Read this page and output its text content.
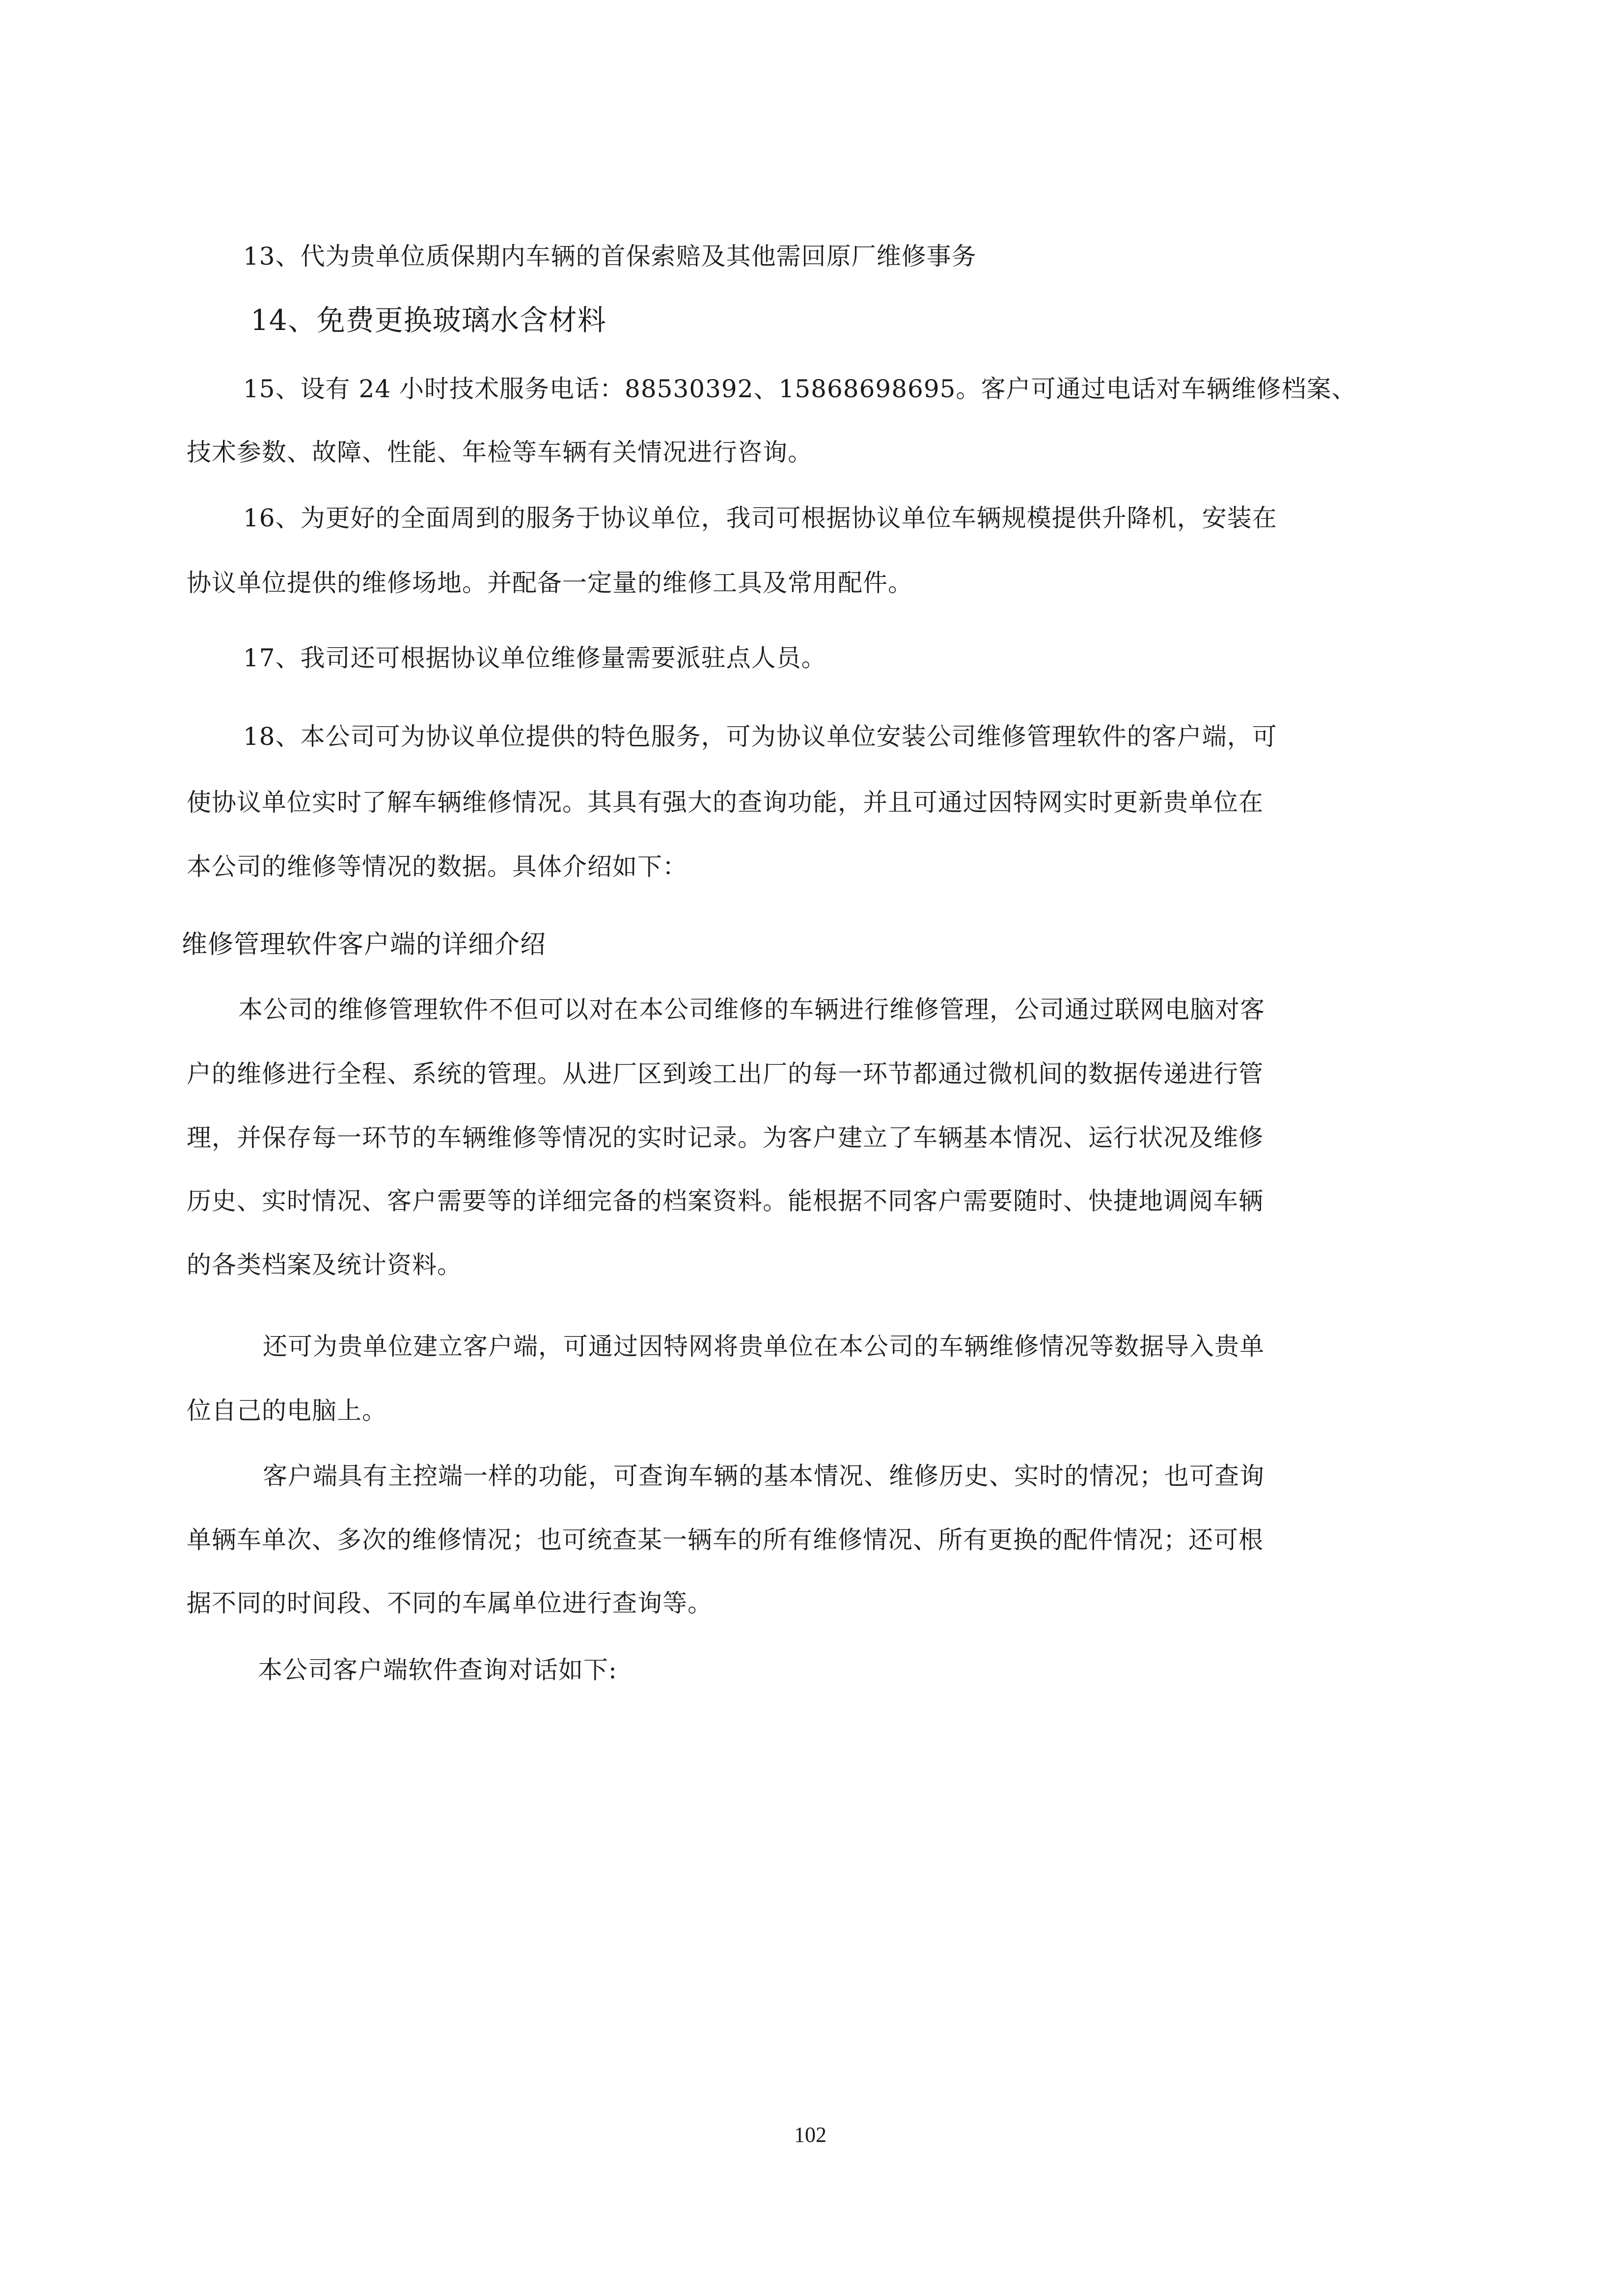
13、代为贵单位质保期内车辆的首保索赔及其他需回原厂维修事务
14、免费更换玻璃水含材料
15、设有 24 小时技术服务电话：88530392、15868698695。客户可通过电话对车辆维修档案、
技术参数、故障、性能、年检等车辆有关情况进行咨询。
16、为更好的全面周到的服务于协议单位，我司可根据协议单位车辆规模提供升降机，安装在
协议单位提供的维修场地。并配备一定量的维修工具及常用配件。
17、我司还可根据协议单位维修量需要派驻点人员。
18、本公司可为协议单位提供的特色服务，可为协议单位安装公司维修管理软件的客户端，可
使协议单位实时了解车辆维修情况。其具有强大的查询功能，并且可通过因特网实时更新贵单位在
本公司的维修等情况的数据。具体介绍如下：
维修管理软件客户端的详细介绍
本公司的维修管理软件不但可以对在本公司维修的车辆进行维修管理，公司通过联网电脑对客
户的维修进行全程、系统的管理。从进厂区到竣工出厂的每一环节都通过微机间的数据传递进行管
理，并保存每一环节的车辆维修等情况的实时记录。为客户建立了车辆基本情况、运行状况及维修
历史、实时情况、客户需要等的详细完备的档案资料。能根据不同客户需要随时、快捷地调阅车辆
的各类档案及统计资料。
还可为贵单位建立客户端，可通过因特网将贵单位在本公司的车辆维修情况等数据导入贵单
位自己的电脑上。
客户端具有主控端一样的功能，可查询车辆的基本情况、维修历史、实时的情况；也可查询
单辆车单次、多次的维修情况；也可统查某一辆车的所有维修情况、所有更换的配件情况；还可根
据不同的时间段、不同的车属单位进行查询等。
本公司客户端软件查询对话如下:
102
